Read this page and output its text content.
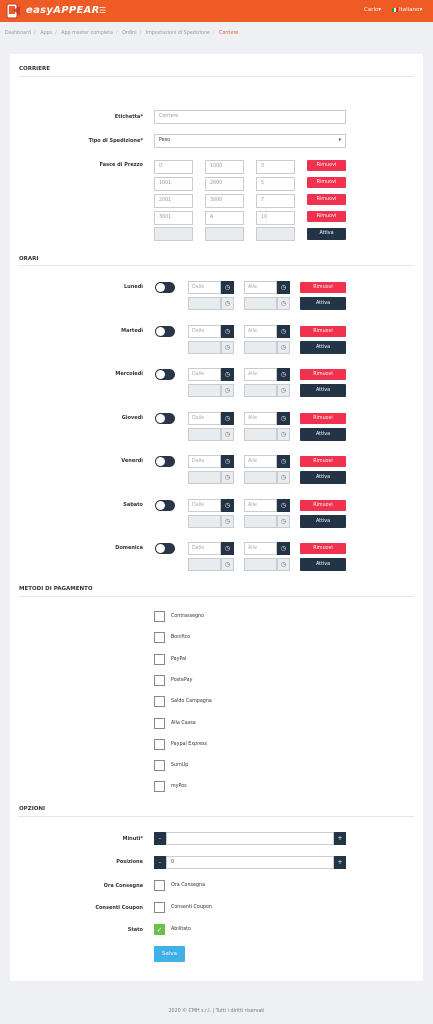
easyAPPEAR ☰	Carlo▾	Italiano▾
Dashboard / Apps / App master completa / Ordini / Impostazioni di Spedizione / Corriere
CORRIERE
Etichetta*	Corriere
Tipo di Spedizione*	Peso	▾
Fasce di Prezzo	0	1000	3	Rimuovi
1001	2000	5	Rimuovi
2001	3000	7	Rimuovi
3001	A	10	Rimuovi
Attiva
ORARI
Lunedì	Dalle	◷	Alle	◷	Rimuovi
◷	◷	Attiva
Martedì	Dalle	◷	Alle	◷	Rimuovi
◷	◷	Attiva
Mercoledì	Dalle	◷	Alle	◷	Rimuovi
◷	◷	Attiva
Giovedì	Dalle	◷	Alle	◷	Rimuovi
◷	◷	Attiva
Venerdì	Dalle	◷	Alle	◷	Rimuovi
◷	◷	Attiva
Sabato	Dalle	◷	Alle	◷	Rimuovi
◷	◷	Attiva
Domenica	Dalle	◷	Alle	◷	Rimuovi
◷	◷	Attiva
METODI DI PAGAMENTO
Contrassegno
Bonifico
PayPal
PostePay
Saldo Campagna
Alla Cassa
Paypal Express
SumUp
myPos
OPZIONI
Minuti*	-	+
Posizione	-	0	+
Ora Consegna	Ora Consegna
Consenti Coupon	Consenti Coupon
Stato	✓	Abilitato
Salva
2020 © CMH s.r.l. | Tutti i diritti riservati
